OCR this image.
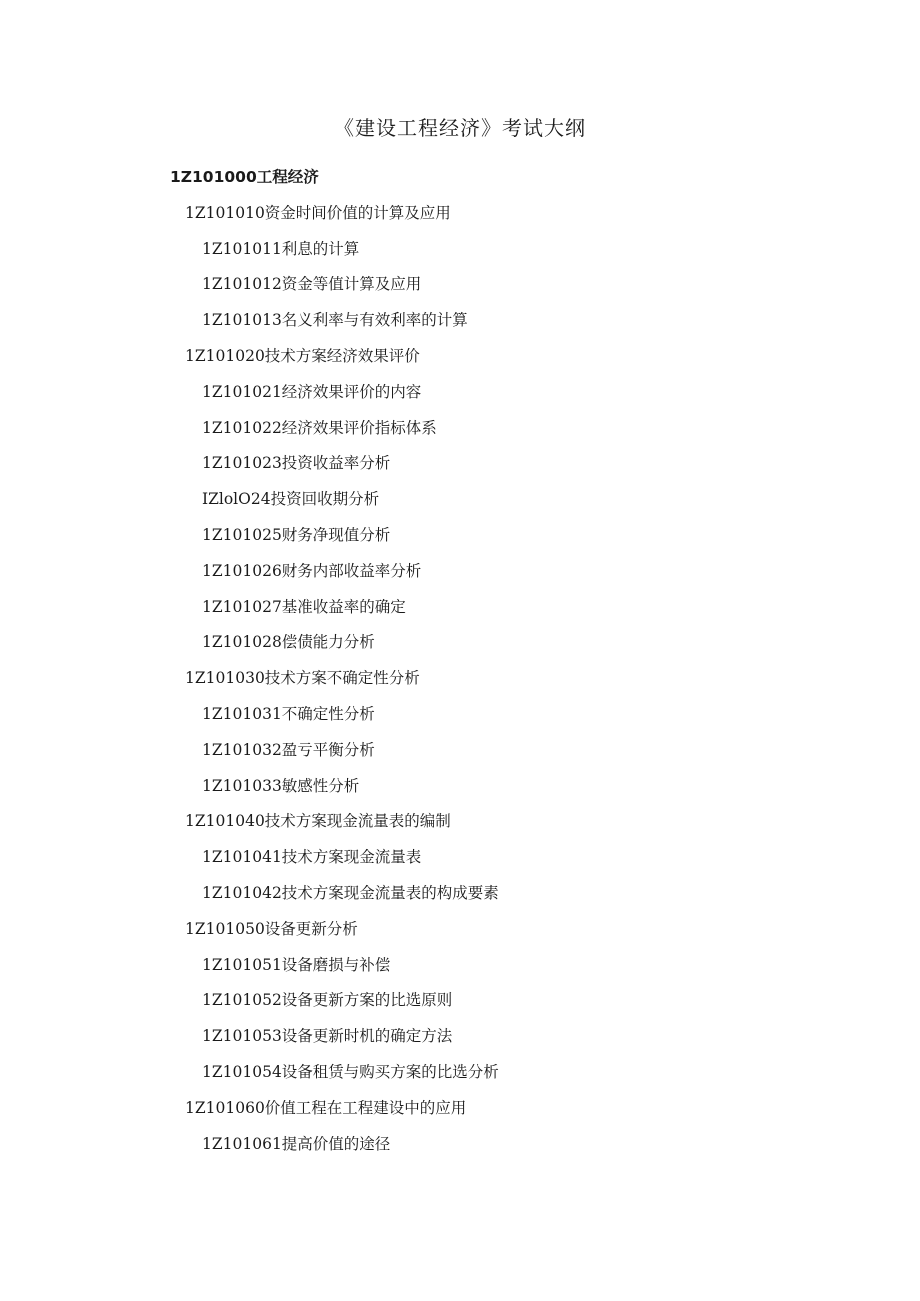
《建设工程经济》考试大纲
1Z101000工程经济
1Z101010资金时间价值的计算及应用
1Z101011利息的计算
1Z101012资金等值计算及应用
1Z101013名义利率与有效利率的计算
1Z101020技术方案经济效果评价
1Z101021经济效果评价的内容
1Z101022经济效果评价指标体系
1Z101023投资收益率分析
IZlolO24投资回收期分析
1Z101025财务净现值分析
1Z101026财务内部收益率分析
1Z101027基准收益率的确定
1Z101028偿债能力分析
1Z101030技术方案不确定性分析
1Z101031不确定性分析
1Z101032盈亏平衡分析
1Z101033敏感性分析
1Z101040技术方案现金流量表的编制
1Z101041技术方案现金流量表
1Z101042技术方案现金流量表的构成要素
1Z101050设备更新分析
1Z101051设备磨损与补偿
1Z101052设备更新方案的比选原则
1Z101053设备更新时机的确定方法
1Z101054设备租赁与购买方案的比选分析
1Z101060价值工程在工程建设中的应用
1Z101061提高价值的途径
